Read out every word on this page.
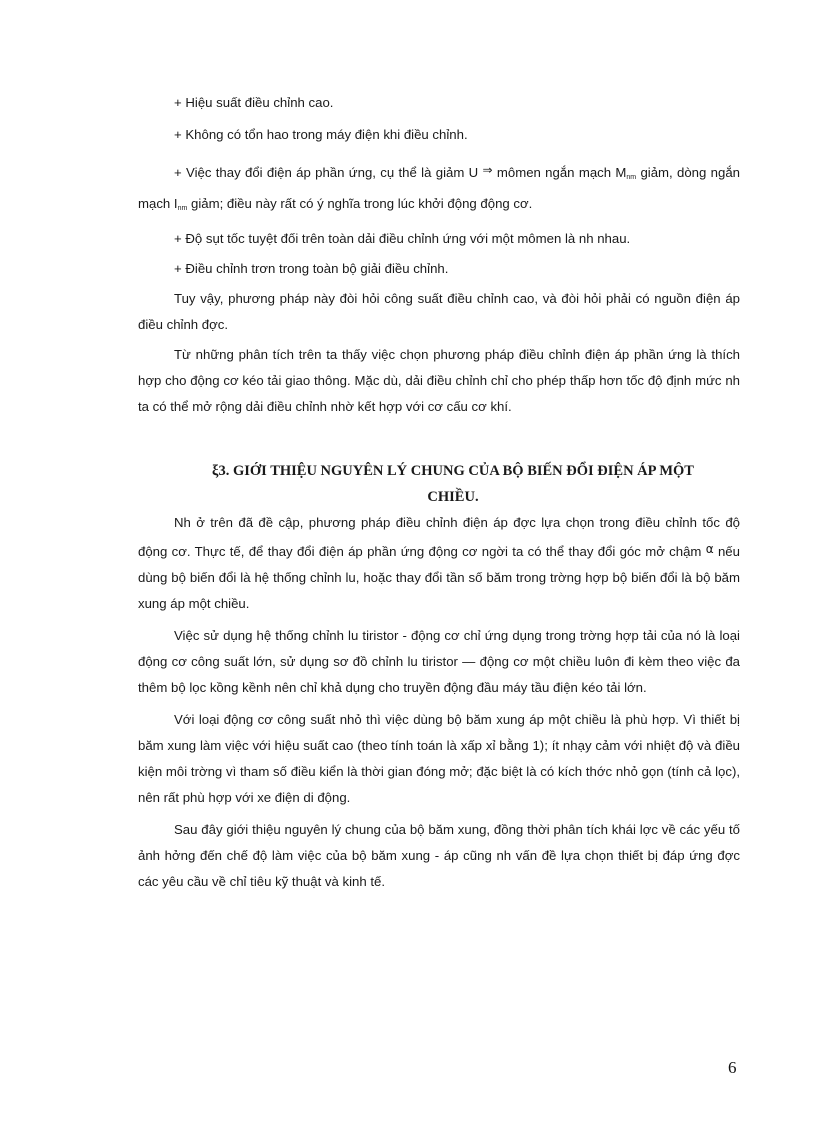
+ Hiệu suất điều chỉnh cao.

+ Không có tổn hao trong máy điện khi điều chỉnh.

+ Việc thay đổi điện áp phần ứng, cụ thể là giảm U ⇒ mômen ngắn mạch $M_{nm}$ giảm, dòng ngắn mạch $I_{nm}$ giảm; điều này rất có ý nghĩa trong lúc khởi động động cơ.

+ Độ sụt tốc tuyệt đối trên toàn dải điều chỉnh ứng với một mômen là nh nhau.

+ Điều chỉnh trơn trong toàn bộ giải điều chỉnh.

Tuy vậy, phương pháp này đòi hỏi công suất điều chỉnh cao, và đòi hỏi phải có nguồn điện áp điều chỉnh đợc.

Từ những phân tích trên ta thấy việc chọn phương pháp điều chỉnh điện áp phần ứng là thích hợp cho động cơ kéo tải giao thông. Mặc dù, dải điều chỉnh chỉ cho phép thấp hơn tốc độ định mức nh ta có thể mở rộng dải điều chỉnh nhờ kết hợp với cơ cấu cơ khí.

ξ3. GIỚI THIỆU NGUYÊN LÝ CHUNG CỦA BỘ BIẾN ĐỔI ĐIỆN ÁP MỘT CHIỀU.

Nh ở trên đã đề cập, phương pháp điều chỉnh điện áp đợc lựa chọn trong điều chỉnh tốc độ động cơ. Thực tế, để thay đổi điện áp phần ứng động cơ ngời ta có thể thay đổi góc mở chậm α nếu dùng bộ biến đổi là hệ thống chỉnh lu, hoặc thay đổi tần số băm trong trờng hợp bộ biến đổi là bộ băm xung áp một chiều.

Việc sử dụng hệ thống chỉnh lu tiristor - động cơ chỉ ứng dụng trong trờng hợp tải của nó là loại động cơ công suất lớn, sử dụng sơ đồ chỉnh lu tiristor — động cơ một chiều luôn đi kèm theo việc đa thêm bộ lọc kồng kềnh nên chỉ khả dụng cho truyền động đầu máy tầu điện kéo tải lớn.

Với loại động cơ công suất nhỏ thì việc dùng bộ băm xung áp một chiều là phù hợp. Vì thiết bị băm xung làm việc với hiệu suất cao (theo tính toán là xấp xỉ bằng 1); ít nhạy cảm với nhiệt độ và điều kiện môi trờng vì tham số điều kiển là thời gian đóng mở; đặc biệt là có kích thớc nhỏ gọn (tính cả lọc), nên rất phù hợp với xe điện di động.

Sau đây giới thiệu nguyên lý chung của bộ băm xung, đồng thời phân tích khái lợc về các yếu tố ảnh hởng đến chế độ làm việc của bộ băm xung - áp cũng nh vấn đề lựa chọn thiết bị đáp ứng đợc các yêu cầu về chỉ tiêu kỹ thuật và kinh tế.

6
